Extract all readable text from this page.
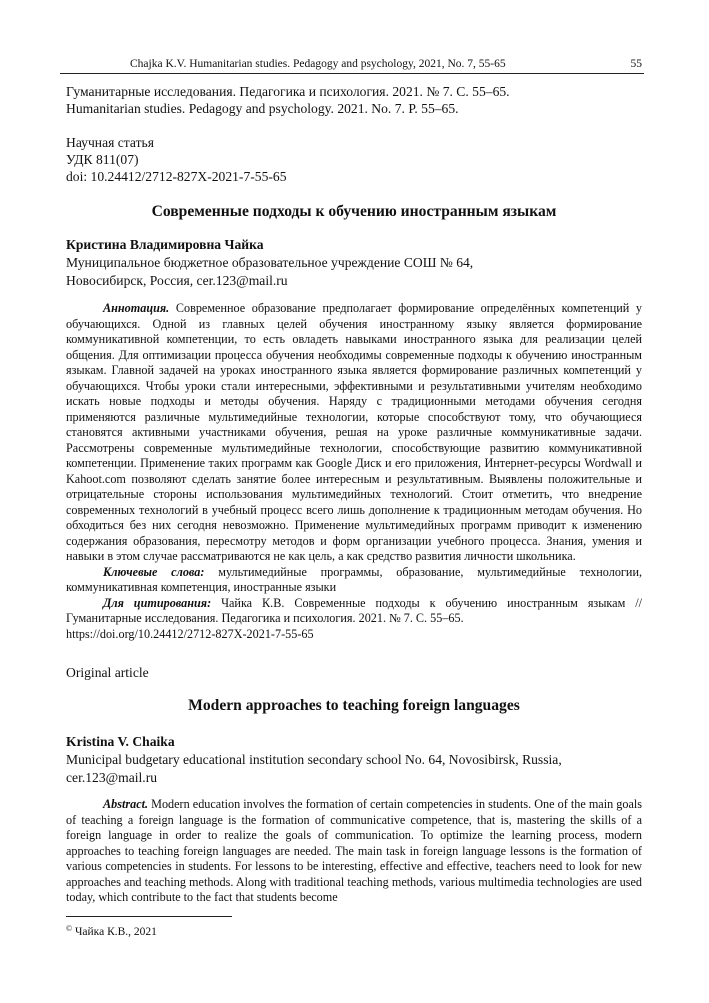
Chajka K.V. Humanitarian studies. Pedagogy and psychology, 2021, No. 7, 55-65	55
Гуманитарные исследования. Педагогика и психология. 2021. № 7. С. 55–65.
Humanitarian studies. Pedagogy and psychology. 2021. No. 7. P. 55–65.
Научная статья
УДК 811(07)
doi: 10.24412/2712-827X-2021-7-55-65
Современные подходы к обучению иностранным языкам
Кристина Владимировна Чайка
Муниципальное бюджетное образовательное учреждение СОШ № 64,
Новосибирск, Россия, cer.123@mail.ru

Аннотация. Современное образование предполагает формирование определённых компетенций у обучающихся. Одной из главных целей обучения иностранному языку является формирование коммуникативной компетенции, то есть овладеть навыками иностранного языка для реализации целей общения. Для оптимизации процесса обучения необходимы современные подходы к обучению иностранным языкам. Главной задачей на уроках иностранного языка является формирование различных компетенций у обучающихся. Чтобы уроки стали интересными, эффективными и результативными учителям необходимо искать новые подходы и методы обучения. Наряду с традиционными методами обучения сегодня применяются различные мультимедийные технологии, которые способствуют тому, что обучающиеся становятся активными участниками обучения, решая на уроке различные коммуникативные задачи. Рассмотрены современные мультимедийные технологии, способствующие развитию коммуникативной компетенции. Применение таких программ как Google Диск и его приложения, Интернет-ресурсы Wordwall и Kahoot.com позволяют сделать занятие более интересным и результативным. Выявлены положительные и отрицательные стороны использования мультимедийных технологий. Стоит отметить, что внедрение современных технологий в учебный процесс всего лишь дополнение к традиционным методам обучения. Но обходиться без них сегодня невозможно. Применение мультимедийных программ приводит к изменению содержания образования, пересмотру методов и форм организации учебного процесса. Знания, умения и навыки в этом случае рассматриваются не как цель, а как средство развития личности школьника.

Ключевые слова: мультимедийные программы, образование, мультимедийные технологии, коммуникативная компетенция, иностранные языки

Для цитирования: Чайка К.В. Современные подходы к обучению иностранным языкам // Гуманитарные исследования. Педагогика и психология. 2021. № 7. С. 55–65.

https://doi.org/10.24412/2712-827X-2021-7-55-65
Original article
Modern approaches to teaching foreign languages
Kristina V. Chaika
Municipal budgetary educational institution secondary school No. 64, Novosibirsk, Russia,
cer.123@mail.ru

Abstract. Modern education involves the formation of certain competencies in students. One of the main goals of teaching a foreign language is the formation of communicative competence, that is, mastering the skills of a foreign language in order to realize the goals of communication. To optimize the learning process, modern approaches to teaching foreign languages are needed. The main task in foreign language lessons is the formation of various competencies in students. For lessons to be interesting, effective and effective, teachers need to look for new approaches and teaching methods. Along with traditional teaching methods, various multimedia technologies are used today, which contribute to the fact that students become

© Чайка К.В., 2021
